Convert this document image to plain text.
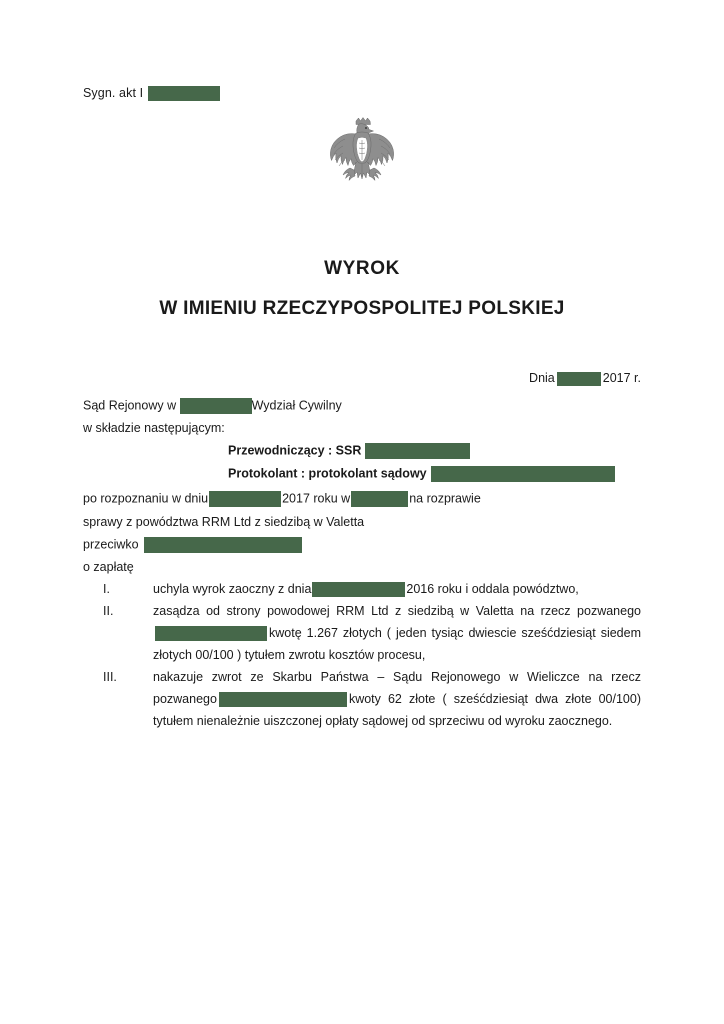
Sygn. akt I
WYROK
W IMIENIU RZECZYPOSPOLITEJ POLSKIEJ
Dnia	2017 r.
Sąd Rejonowy w	Wydział Cywilny
w składzie następującym:
Przewodniczący : SSR
Protokolant : protokolant sądowy
po rozpoznaniu w dniu	2017 roku w	na rozprawie
sprawy z powództwa RRM Ltd z siedzibą w Valetta
przeciwko
o zapłatę
I.	uchyla wyrok zaoczny z dnia	2016 roku i oddala powództwo,
II.	zasądza od strony powodowej RRM Ltd z siedzibą w Valetta na rzecz pozwanegokwotę 1.267 złotych ( jeden tysiąc dwiescie sześćdziesiąt siedem złotych 00/100 ) tytułem zwrotu kosztów procesu,
III.	nakazuje zwrot ze Skarbu Państwa – Sądu Rejonowego w Wieliczce na rzecz pozwanego	kwoty 62 złote ( sześćdziesiąt dwa złote 00/100) tytułem nienależnie uiszczonej opłaty sądowej od sprzeciwu od wyroku zaocznego.
